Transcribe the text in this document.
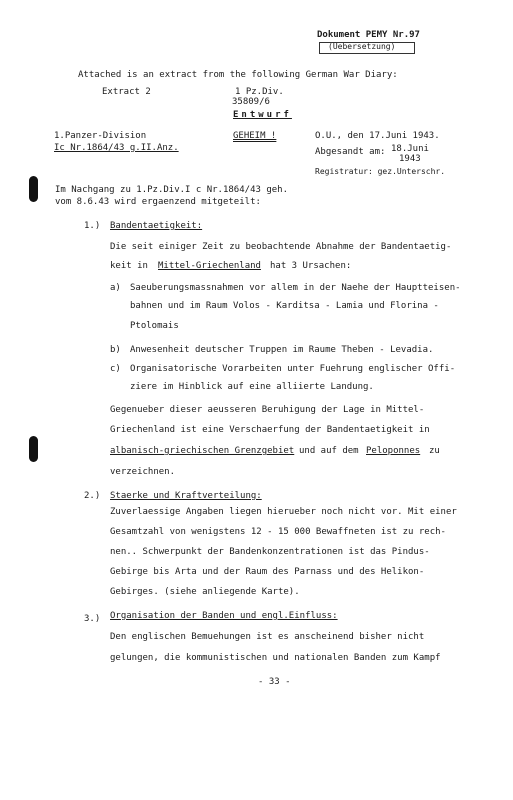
Dokument PEMY Nr.97
(Uebersetzung)
Attached is an extract from the following German War Diary:
Extract 2	1 Pz.Div.
35809/6
Entwurf
1.Panzer-Division
Ic Nr.1864/43 g.II.Anz.
GEHEIM !	O.U., den 17.Juni 1943.
Abgesandt am: 18.Juni
1943
Registratur: gez.Unterschr.
Im Nachgang zu 1.Pz.Div.I c Nr.1864/43 geh.
vom 8.6.43 wird ergaenzend mitgeteilt:
1.) Bandentaetigkeit:
Die seit einiger Zeit zu beobachtende Abnahme der Bandentaetig-
keit in Mittel-Griechenland hat 3 Ursachen:
a) Saeuberungsmassnahmen vor allem in der Naehe der Hauptteisen-
bahnen und im Raum Volos - Karditsa - Lamia und Florina -
Ptolomais
b) Anwesenheit deutscher Truppen im Raume Theben - Levadia.
c) Organisatorische Vorarbeiten unter Fuehrung englischer Offi-
ziere im Hinblick auf eine alliierte Landung.
Gegenueber dieser aeusseren Beruhigung der Lage in Mittel-
Griechenland ist eine Verschaerfung der Bandentaetigkeit in
albanisch-griechischen Grenzgebiet und auf dem Peloponnes zu
verzeichnen.
2.) Staerke und Kraftverteilung:
Zuverlaessige Angaben liegen hierueber noch nicht vor. Mit einer
Gesamtzahl von wenigstens 12 - 15 000 Bewaffneten ist zu rech-
nen.. Schwerpunkt der Bandenkonzentrationen ist das Pindus-
Gebirge bis Arta und der Raum des Parnass und des Helikon-
Gebirges. (siehe anliegende Karte).
3.) Organisation der Banden und engl.Einfluss:
Den englischen Bemuehungen ist es anscheinend bisher nicht
gelungen, die kommunistischen und nationalen Banden zum Kampf
- 33 -
